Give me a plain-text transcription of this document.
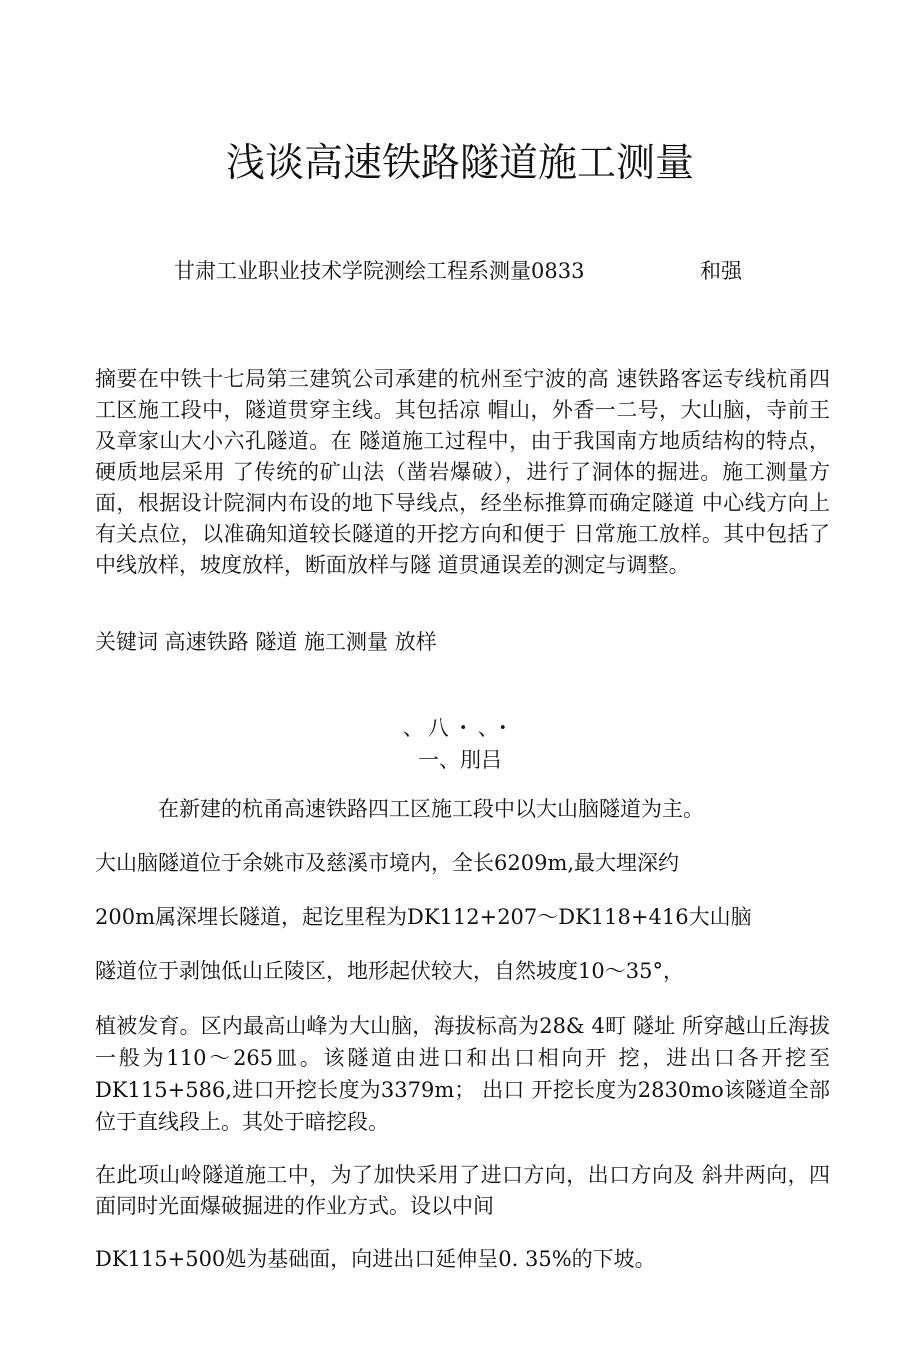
浅谈高速铁路隧道施工测量
甘肃工业职业技术学院测绘工程系测量0833	和强

摘要在中铁十七局第三建筑公司承建的杭州至宁波的高 速铁路客运专线杭甬四工区施工段中，隧道贯穿主线。其包括凉 帽山，外香一二号，大山脑，寺前王及章家山大小六孔隧道。在 隧道施工过程中，由于我国南方地质结构的特点，硬质地层采用 了传统的矿山法（凿岩爆破），进行了洞体的掘进。施工测量方 面，根据设计院洞内布设的地下导线点，经坐标推算而确定隧道 中心线方向上有关点位，以准确知道较长隧道的开挖方向和便于 日常施工放样。其中包括了中线放样，坡度放样，断面放样与隧 道贯通误差的测定与调整。

关键词 高速铁路 隧道 施工测量 放样

、八・、・
一、刖吕

在新建的杭甬高速铁路四工区施工段中以大山脑隧道为主。

大山脑隧道位于余姚市及慈溪市境内，全长6209m,最大埋深约

200m属深埋长隧道，起讫里程为DK112+207～DK118+416大山脑

隧道位于剥蚀低山丘陵区，地形起伏较大，自然坡度10～35°，

植被发育。区内最高山峰为大山脑，海拔标高为28& 4町 隧址 所穿越山丘海拔一般为110～265皿。该隧道由进口和出口相向开 挖，进出口各开挖至DK115+586,进口开挖长度为3379m； 出口 开挖长度为2830mo该隧道全部位于直线段上。其处于暗挖段。

在此项山岭隧道施工中，为了加快采用了进口方向，出口方向及 斜井两向，四面同时光面爆破掘进的作业方式。设以中间

DK115+500処为基础面，向进出口延伸呈0. 35%的下坡。
